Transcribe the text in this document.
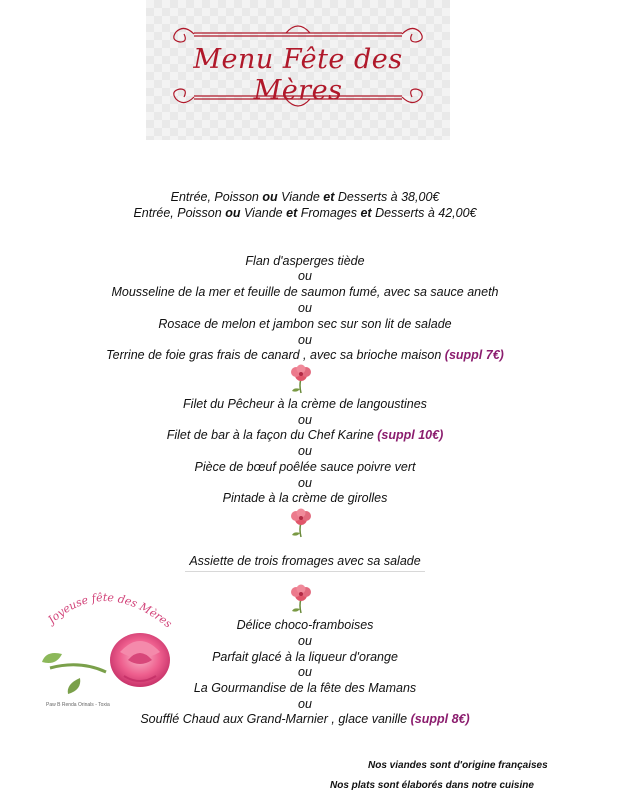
Menu Fête des Mères
Entrée, Poisson ou Viande et Desserts à 38,00€
Entrée, Poisson ou Viande et Fromages et Desserts à 42,00€
Flan d'asperges tiède
ou
Mousseline de la mer et feuille de saumon fumé, avec sa sauce aneth
ou
Rosace de melon et jambon sec sur son lit de salade
ou
Terrine de foie gras frais de canard , avec sa brioche maison (suppl 7€)
Filet du Pêcheur à la crème de langoustines
ou
Filet de bar à la façon du Chef Karine (suppl 10€)
ou
Pièce de bœuf poêlée sauce poivre vert
ou
Pintade à la crème de girolles
Assiette de trois fromages avec sa salade
Joyeuse fête des Mères
Paw B Renda Orinals - Toxia
Délice choco-framboises
ou
Parfait glacé à la liqueur d'orange
ou
La Gourmandise de la fête des Mamans
ou
Soufflé Chaud aux Grand-Marnier , glace vanille (suppl 8€)
Nos viandes sont d'origine françaises
Nos plats sont élaborés dans notre cuisine
